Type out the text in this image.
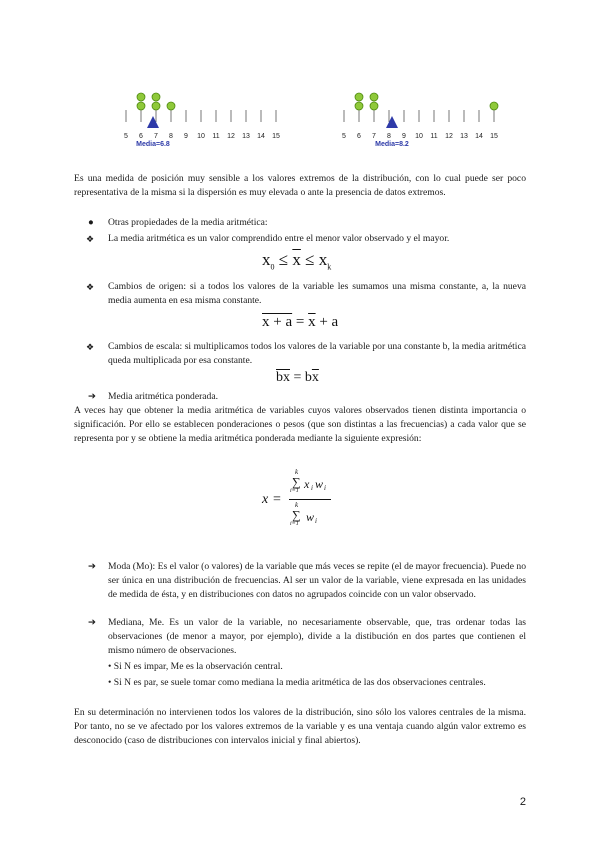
5 6 7 8 9 10 11 12 13 14 15
Media=6.8
5 6 7 8 9 10 11 12 13 14 15
Media=8.2
Es una medida de posición muy sensible a los valores extremos de la distribución, con lo cual puede ser poco representativa de la misma si la dispersión es muy elevada o ante la presencia de datos extremos.
● Otras propiedades de la media aritmética:
❖ La media aritmética es un valor comprendido entre el menor valor observado y el mayor.
$x_0 \le \overline{x} \le x_k$
❖ Cambios de origen: si a todos los valores de la variable les sumamos una misma constante, a, la nueva media aumenta en esa misma constante.
$x + a = \overline{x} + a$
❖ Cambios de escala: si multiplicamos todos los valores de la variable por una constante b, la media aritmética queda multiplicada por esa constante.
$\overline{bx} = b\overline{x}$
➔ Media aritmética ponderada.
A veces hay que obtener la media aritmética de variables cuyos valores observados tienen distinta importancia o significación. Por ello se establecen ponderaciones o pesos (que son distintas a las frecuencias) a cada valor que se representa por y se obtiene la media aritmética ponderada mediante la siguiente expresión:
x =
k
∑
i=1 x i w i
k
∑
i=1 w i
➔ Moda (Mo): Es el valor (o valores) de la variable que más veces se repite (el de mayor frecuencia). Puede no ser única en una distribución de frecuencias. Al ser un valor de la variable, viene expresada en las unidades de medida de ésta, y en distribuciones con datos no agrupados coincide con un valor observado.
➔ Mediana, Me. Es un valor de la variable, no necesariamente observable, que, tras ordenar todas las observaciones (de menor a mayor, por ejemplo), divide a la distibución en dos partes que contienen el mismo número de observaciones.
• Si N es impar, Me es la observación central.
• Si N es par, se suele tomar como mediana la media aritmética de las dos observaciones centrales.
En su determinación no intervienen todos los valores de la distribución, sino sólo los valores centrales de la misma. Por tanto, no se ve afectado por los valores extremos de la variable y es una ventaja cuando algún valor extremo es desconocido (caso de distribuciones con intervalos inicial y final abiertos).
2
